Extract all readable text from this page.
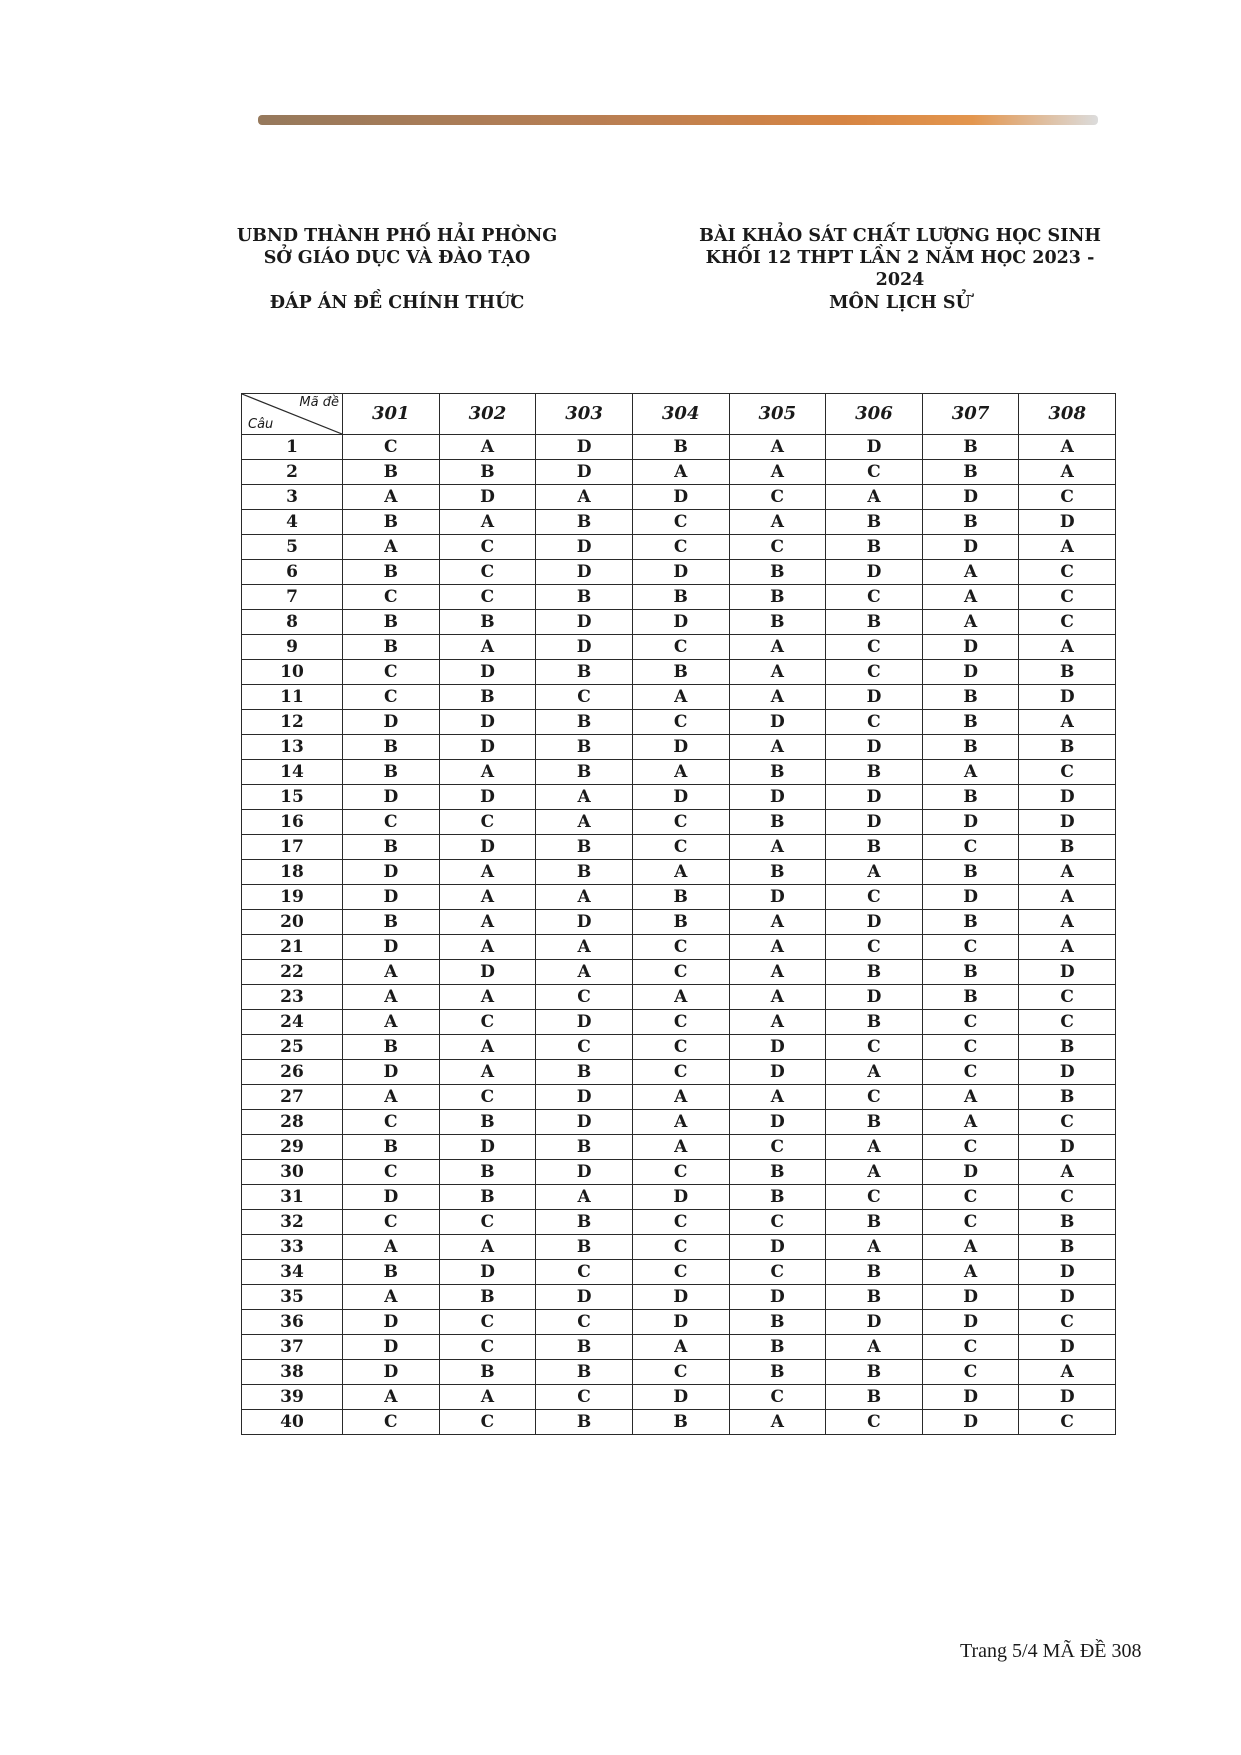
UBND THÀNH PHỐ HẢI PHÒNG
SỞ GIÁO DỤC VÀ ĐÀO TẠO
BÀI KHẢO SÁT CHẤT LƯỢNG HỌC SINH
KHỐI 12 THPT LẦN 2 NĂM HỌC 2023 - 2024
ĐÁP ÁN ĐỀ CHÍNH THỨC	MÔN LỊCH SỬ
Mã đề
Câu	301	302	303	304	305	306	307	308
1	C	A	D	B	A	D	B	A
2	B	B	D	A	A	C	B	A
3	A	D	A	D	C	A	D	C
4	B	A	B	C	A	B	B	D
5	A	C	D	C	C	B	D	A
6	B	C	D	D	B	D	A	C
7	C	C	B	B	B	C	A	C
8	B	B	D	D	B	B	A	C
9	B	A	D	C	A	C	D	A
10	C	D	B	B	A	C	D	B
11	C	B	C	A	A	D	B	D
12	D	D	B	C	D	C	B	A
13	B	D	B	D	A	D	B	B
14	B	A	B	A	B	B	A	C
15	D	D	A	D	D	D	B	D
16	C	C	A	C	B	D	D	D
17	B	D	B	C	A	B	C	B
18	D	A	B	A	B	A	B	A
19	D	A	A	B	D	C	D	A
20	B	A	D	B	A	D	B	A
21	D	A	A	C	A	C	C	A
22	A	D	A	C	A	B	B	D
23	A	A	C	A	A	D	B	C
24	A	C	D	C	A	B	C	C
25	B	A	C	C	D	C	C	B
26	D	A	B	C	D	A	C	D
27	A	C	D	A	A	C	A	B
28	C	B	D	A	D	B	A	C
29	B	D	B	A	C	A	C	D
30	C	B	D	C	B	A	D	A
31	D	B	A	D	B	C	C	C
32	C	C	B	C	C	B	C	B
33	A	A	B	C	D	A	A	B
34	B	D	C	C	C	B	A	D
35	A	B	D	D	D	B	D	D
36	D	C	C	D	B	D	D	C
37	D	C	B	A	B	A	C	D
38	D	B	B	C	B	B	C	A
39	A	A	C	D	C	B	D	D
40	C	C	B	B	A	C	D	C
Trang 5/4 MÃ ĐỀ 308
